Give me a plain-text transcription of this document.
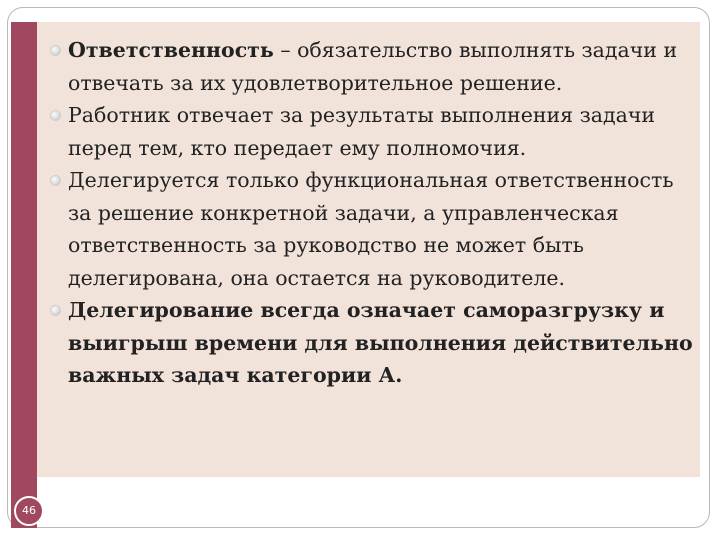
Ответственность – обязательство выполнять задачи и отвечать за их удовлетворительное решение.
Работник отвечает за результаты выполнения задачи перед тем, кто передает ему полномочия.
Делегируется только функциональная ответственность за решение конкретной задачи, а управленческая ответственность за руководство не может быть делегирована, она остается на руководителе.
Делегирование всегда означает саморазгрузку и выигрыш времени для выполнения действительно важных задач категории А.
46
